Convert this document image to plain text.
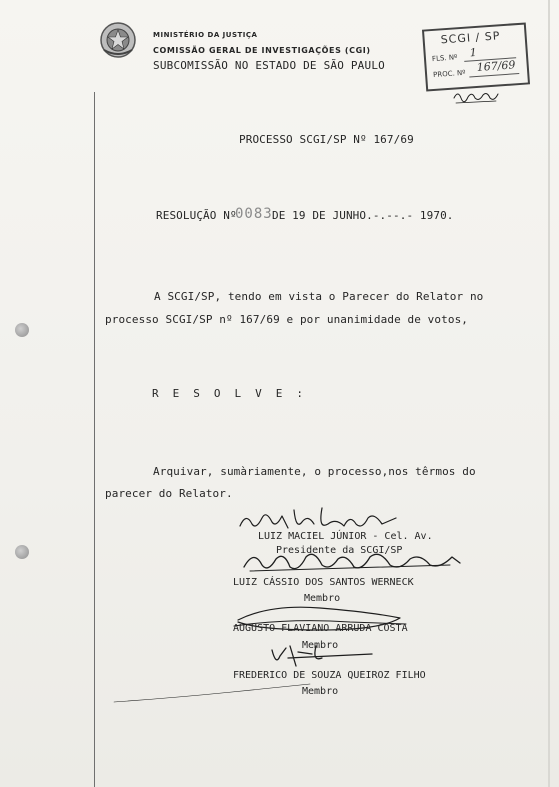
MINISTÉRIO DA JUSTIÇA
COMISSÃO GERAL DE INVESTIGAÇÕES (CGI)
SUBCOMISSÃO NO ESTADO DE SÃO PAULO
SCGI / SP
FLS. Nº 1
PROC. Nº 167/69
PROCESSO SCGI/SP Nº 167/69
RESOLUÇÃO Nº
0083 DE 19 DE JUNHO.-.--.- 1970.
A SCGI/SP, tendo em vista o Parecer do Relator no
processo SCGI/SP nº 167/69 e por unanimidade de votos,
RESOLVE:
Arquivar, sumàriamente, o processo,nos têrmos do
parecer do Relator.
LUIZ MACIEL JÚNIOR - Cel. Av.
Presidente da SCGI/SP
LUIZ CÁSSIO DOS SANTOS WERNECK
Membro
AUGUSTO FLAVIANO ARRUDA COSTA
Membro
FREDERICO DE SOUZA QUEIROZ FILHO
Membro
